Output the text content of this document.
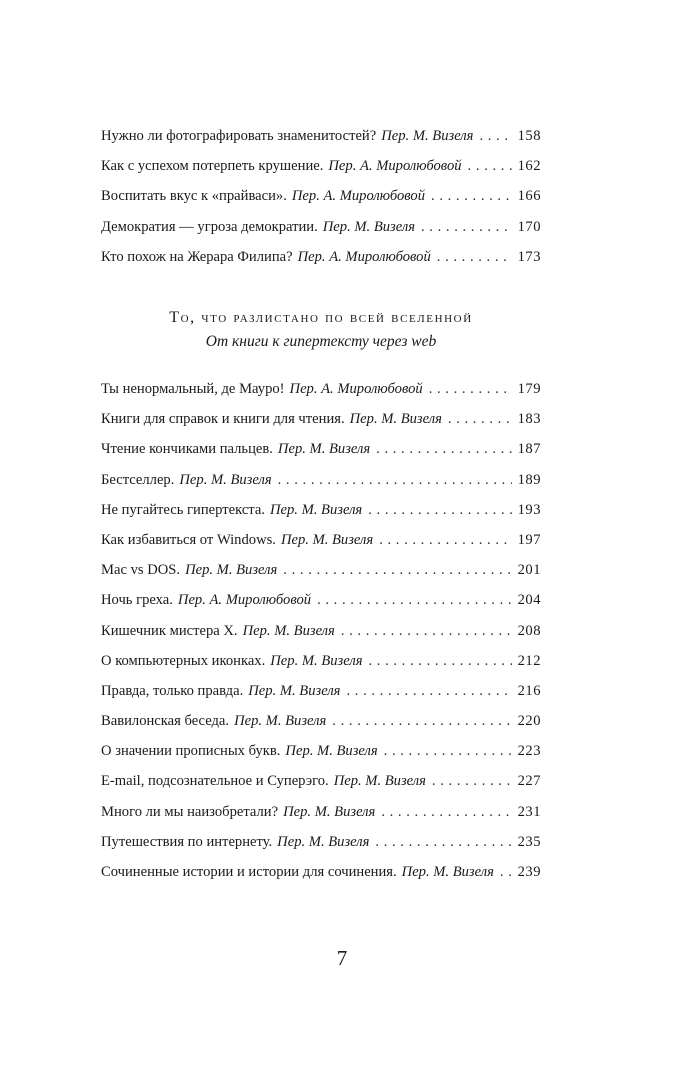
Нужно ли фотографировать знаменитостей? Пер. М. Визеля . . .	158
Как с успехом потерпеть крушение. Пер. А. Миролюбовой . . .	162
Воспитать вкус к «прайваси». Пер. А. Миролюбовой . . .	166
Демократия — угроза демократии. Пер. М. Визеля . . .	170
Кто похож на Жерара Филипа? Пер. А. Миролюбовой . . .	173
То, что разлистано по всей вселенной
От книги к гипертексту через web
Ты ненормальный, де Мауро! Пер. А. Миролюбовой . . .	179
Книги для справок и книги для чтения. Пер. М. Визеля . . .	183
Чтение кончиками пальцев. Пер. М. Визеля . . .	187
Бестселлер. Пер. М. Визеля . . .	189
Не пугайтесь гипертекста. Пер. М. Визеля . . .	193
Как избавиться от Windows. Пер. М. Визеля . . .	197
Mac vs DOS. Пер. М. Визеля . . .	201
Ночь греха. Пер. А. Миролюбовой . . .	204
Кишечник мистера X. Пер. М. Визеля . . .	208
О компьютерных иконках. Пер. М. Визеля . . .	212
Правда, только правда. Пер. М. Визеля . . .	216
Вавилонская беседа. Пер. М. Визеля . . .	220
О значении прописных букв. Пер. М. Визеля . . .	223
E-mail, подсознательное и Суперэго. Пер. М. Визеля . . .	227
Много ли мы наизобретали? Пер. М. Визеля . . .	231
Путешествия по интернету. Пер. М. Визеля . . .	235
Сочиненные истории и истории для сочинения. Пер. М. Визеля . . . 239
7
